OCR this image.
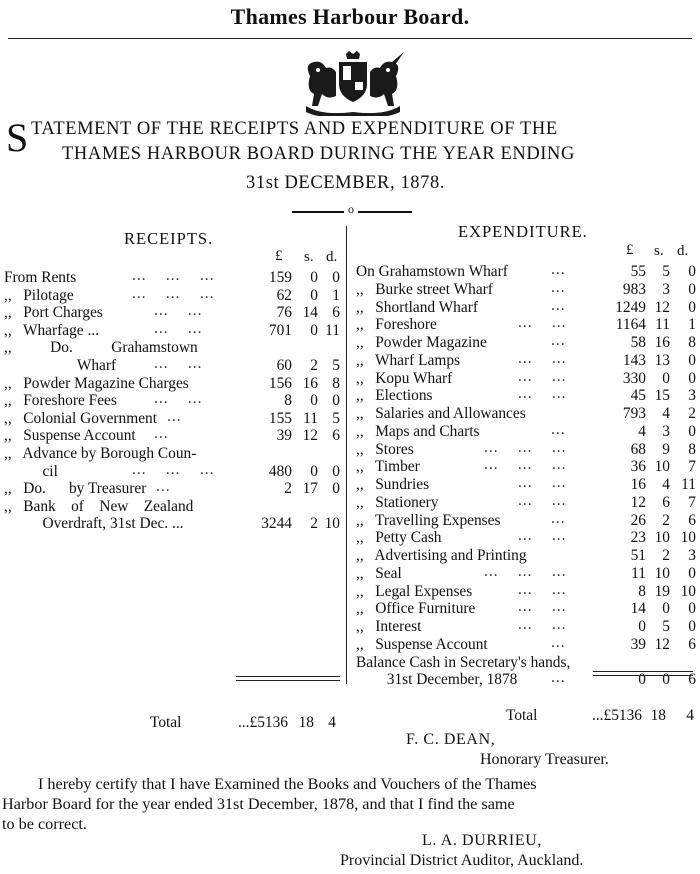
Thames Harbour Board.
S TATEMENT OF THE RECEIPTS AND EXPENDITURE OF THE
THAMES HARBOUR BOARD DURING THE YEAR ENDING
31st DECEMBER, 1878.
o
RECEIPTS.	EXPENDITURE.
£ s. d.	£ s. d.
From Rents	...    ...    ...	159	0 0
,,   Pilotage	...    ...    ...	62	0 1
,,   Port Charges	...    ...	76 14 6
,,   Wharfage ...	...    ...	701	0 11
,,          Do.          Grahamstown
Wharf ...    ...	60	2 5
,,   Powder Magazine Charges	156 16 8
,,   Foreshore Fees ...    ...	8	0 0
,,   Colonial Government ...	155 11 5
,,   Suspense Account ...	39 12 6
,,   Advance by Borough Coun-
cil	...    ...    ...	480	0 0
,,   Do.      by Treasurer ...	2 17 0
,,   Bank    of    New    Zealand
Overdraft, 31st Dec. ...	3244	2 10
On Grahamstown Wharf	...	55	5	0
,,   Burke street Wharf	...	983	3	0
,,   Shortland Wharf	...	1249 12	0
,,   Foreshore	...    ...	1164 11	1
,,   Powder Magazine	...	58 16	8
,,   Wharf Lamps	...    ...	143 13	0
,,   Kopu Wharf	...    ...	330	0	0
,,   Elections	...    ...	45 15	3
,,   Salaries and Allowances	793	4	2
,,   Maps and Charts	...	4	3	0
,,   Stores	...    ...    ...	68	9	8
,,   Timber	...    ...    ...	36 10	7
,,   Sundries	...    ...	16	4 11
,,   Stationery	...    ...	12	6	7
,,   Travelling Expenses	...	26	2	6
,,   Petty Cash	...    ...	23 10 10
,,   Advertising and Printing	51	2	3
,,   Seal	...    ...    ...	11 10	0
,,   Legal Expenses	...    ...	8 19 10
,,   Office Furniture	...    ...	14	0	0
,,   Interest	...    ...	0	5	0
,,   Suspense Account	...	39 12	6
Balance Cash in Secretary's hands,
31st December, 1878 ...	0	0	6
Total	...£5136 18 4	Total	...£5136 18	4
F. C. DEAN,
Honorary Treasurer.
I hereby certify that I have Examined the Books and Vouchers of the Thames
Harbor Board for the year ended 31st December, 1878, and that I find the same
to be correct.
L. A. DURRIEU,
Provincial District Auditor, Auckland.
